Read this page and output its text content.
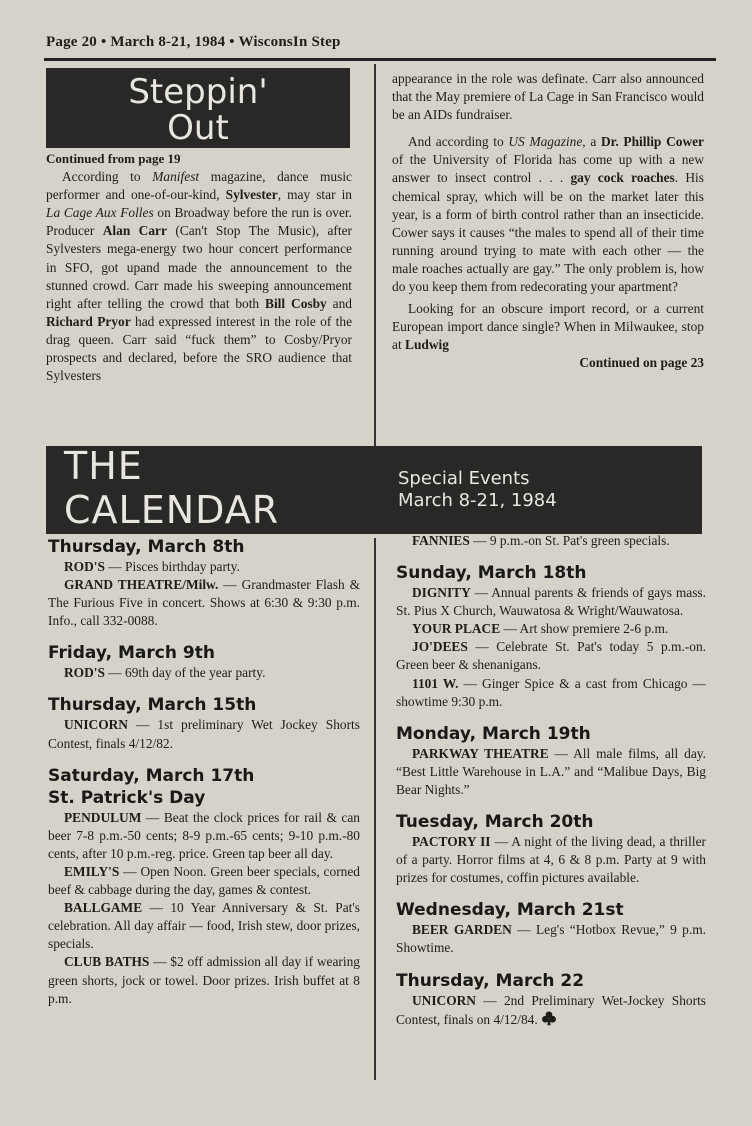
Page 20 • March 8-21, 1984 • WisconsIn Step
Steppin'
Out
Continued from page 19

According to Manifest magazine, dance music performer and one-of-our-kind, Sylvester, may star in La Cage Aux Folles on Broadway before the run is over. Producer Alan Carr (Can't Stop The Music), after Sylvesters mega-energy two hour concert performance in SFO, got upand made the announcement to the stunned crowd. Carr made his sweeping announcement right after telling the crowd that both Bill Cosby and Richard Pryor had expressed interest in the role of the drag queen. Carr said “fuck them” to Cosby/Pryor prospects and declared, before the SRO audience that Sylvesters

appearance in the role was definate. Carr also announced that the May premiere of La Cage in San Francisco would be an AIDs fundraiser.

And according to US Magazine, a Dr. Phillip Cower of the University of Florida has come up with a new answer to insect control . . . gay cock roaches. His chemical spray, which will be on the market later this year, is a form of birth control rather than an insecticide. Cower says it causes “the males to spend all of their time running around trying to mate with each other — the male roaches actually are gay.” The only problem is, how do you keep them from redecorating your apartment?

Looking for an obscure import record, or a current European import dance single? When in Milwaukee, stop at Ludwig

Continued on page 23
THE
CALENDAR
Special Events
March 8-21, 1984
Thursday, March 8th

ROD'S — Pisces birthday party.

GRAND THEATRE/Milw. — Grandmaster Flash & The Furious Five in concert. Shows at 6:30 & 9:30 p.m. Info., call 332-0088.

Friday, March 9th

ROD'S — 69th day of the year party.

Thursday, March 15th

UNICORN — 1st preliminary Wet Jockey Shorts Contest, finals 4/12/82.

Saturday, March 17th
St. Patrick's Day

PENDULUM — Beat the clock prices for rail & can beer 7-8 p.m.-50 cents; 8-9 p.m.-65 cents; 9-10 p.m.-80 cents, after 10 p.m.-reg. price. Green tap beer all day.

EMILY'S — Open Noon. Green beer specials, corned beef & cabbage during the day, games & contest.

BALLGAME — 10 Year Anniversary & St. Pat's celebration. All day affair — food, Irish stew, door prizes, specials.

CLUB BATHS — $2 off admission all day if wearing green shorts, jock or towel. Door prizes. Irish buffet at 8 p.m.

FANNIES — 9 p.m.-on St. Pat's green specials.

Sunday, March 18th

DIGNITY — Annual parents & friends of gays mass. St. Pius X Church, Wauwatosa & Wright/Wauwatosa.

YOUR PLACE — Art show premiere 2-6 p.m.

JO'DEES — Celebrate St. Pat's today 5 p.m.-on. Green beer & shenanigans.

1101 W. — Ginger Spice & a cast from Chicago — showtime 9:30 p.m.

Monday, March 19th

PARKWAY THEATRE — All male films, all day. “Best Little Warehouse in L.A.” and “Malibue Days, Big Bear Nights.”

Tuesday, March 20th

PACTORY II — A night of the living dead, a thriller of a party. Horror films at 4, 6 & 8 p.m. Party at 9 with prizes for costumes, coffin pictures available.

Wednesday, March 21st

BEER GARDEN — Leg's “Hotbox Revue,” 9 p.m. Showtime.

Thursday, March 22

UNICORN — 2nd Preliminary Wet-Jockey Shorts Contest, finals on 4/12/84.
